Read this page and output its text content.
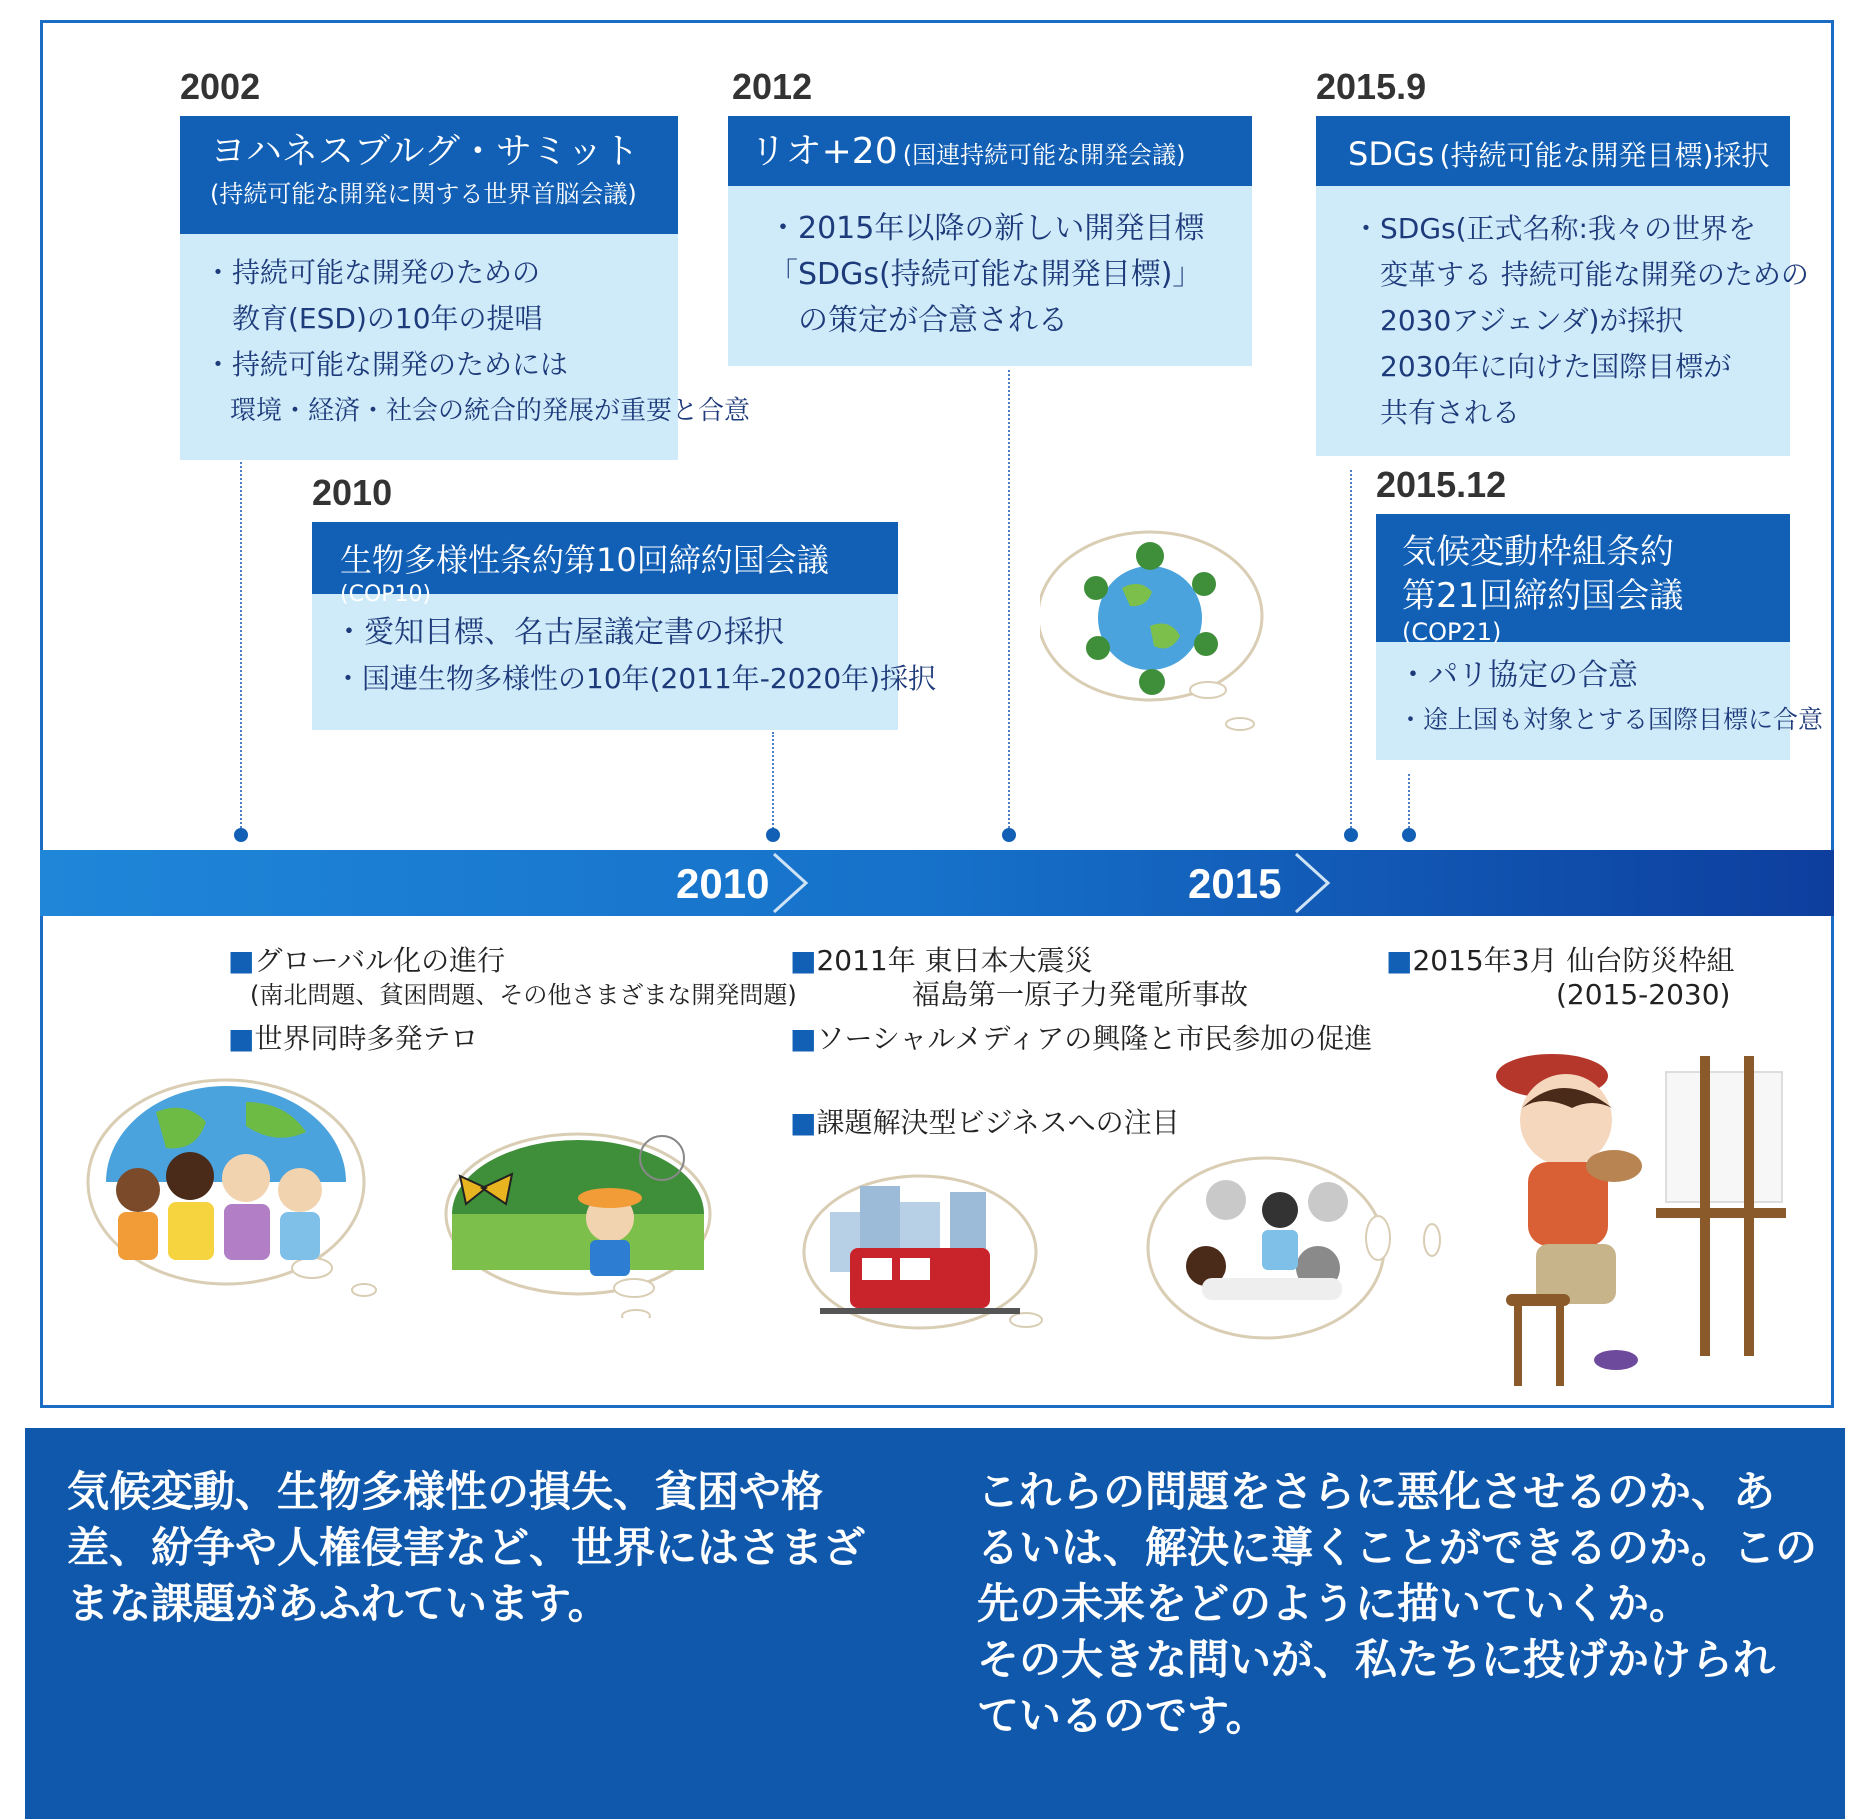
2002	2012	2015.9
2010	2015.12
ヨハネスブルグ・サミット
(持続可能な開発に関する世界首脳会議)
・持続可能な開発のための
　教育(ESD)の10年の提唱
・持続可能な開発のためには
　環境・経済・社会の統合的発展が重要と合意
リオ+20 (国連持続可能な開発会議)
・2015年以降の新しい開発目標
「SDGs(持続可能な開発目標)」
　の策定が合意される
SDGs (持続可能な開発目標)採択
・SDGs(正式名称:我々の世界を
　変革する 持続可能な開発のための
　2030アジェンダ)が採択
　2030年に向けた国際目標が
　共有される
生物多様性条約第10回締約国会議 (COP10)
・愛知目標、名古屋議定書の採択
・国連生物多様性の10年(2011年-2020年)採択
気候変動枠組条約
第21回締約国会議 (COP21)
・パリ協定の合意
・途上国も対象とする国際目標に合意
2010	2015
■グローバル化の進行
(南北問題、貧困問題、その他さまざまな開発問題)
■世界同時多発テロ
■2011年 東日本大震災
福島第一原子力発電所事故
■ソーシャルメディアの興隆と市民参加の促進
■課題解決型ビジネスへの注目
■2015年3月 仙台防災枠組
(2015-2030)
気候変動、生物多様性の損失、貧困や格
差、紛争や人権侵害など、世界にはさまざ
まな課題があふれています。
これらの問題をさらに悪化させるのか、あ
るいは、解決に導くことができるのか。この
先の未来をどのように描いていくか。
その大きな問いが、私たちに投げかけられ
ているのです。
